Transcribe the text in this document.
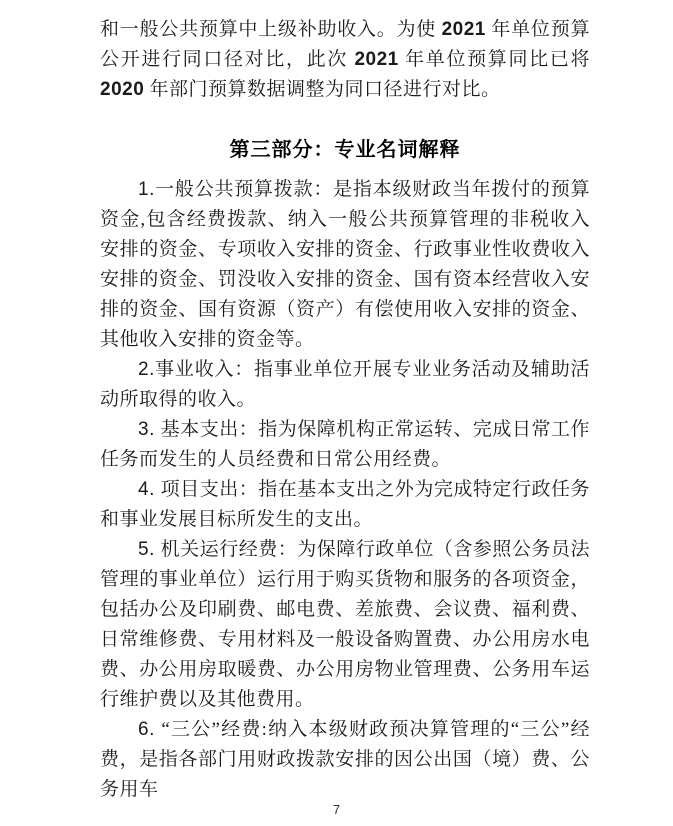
和一般公共预算中上级补助收入。为使 2021 年单位预算公开进行同口径对比，此次 2021 年单位预算同比已将 2020 年部门预算数据调整为同口径进行对比。

第三部分：专业名词解释

1.一般公共预算拨款：是指本级财政当年拨付的预算资金,包含经费拨款、纳入一般公共预算管理的非税收入安排的资金、专项收入安排的资金、行政事业性收费收入安排的资金、罚没收入安排的资金、国有资本经营收入安排的资金、国有资源（资产）有偿使用收入安排的资金、其他收入安排的资金等。

2.事业收入：指事业单位开展专业业务活动及辅助活动所取得的收入。

3. 基本支出：指为保障机构正常运转、完成日常工作任务而发生的人员经费和日常公用经费。

4. 项目支出：指在基本支出之外为完成特定行政任务和事业发展目标所发生的支出。

5. 机关运行经费：为保障行政单位（含参照公务员法管理的事业单位）运行用于购买货物和服务的各项资金，包括办公及印刷费、邮电费、差旅费、会议费、福利费、日常维修费、专用材料及一般设备购置费、办公用房水电费、办公用房取暖费、办公用房物业管理费、公务用车运行维护费以及其他费用。

6. “三公”经费:纳入本级财政预决算管理的“三公”经费，是指各部门用财政拨款安排的因公出国（境）费、公务用车

7
